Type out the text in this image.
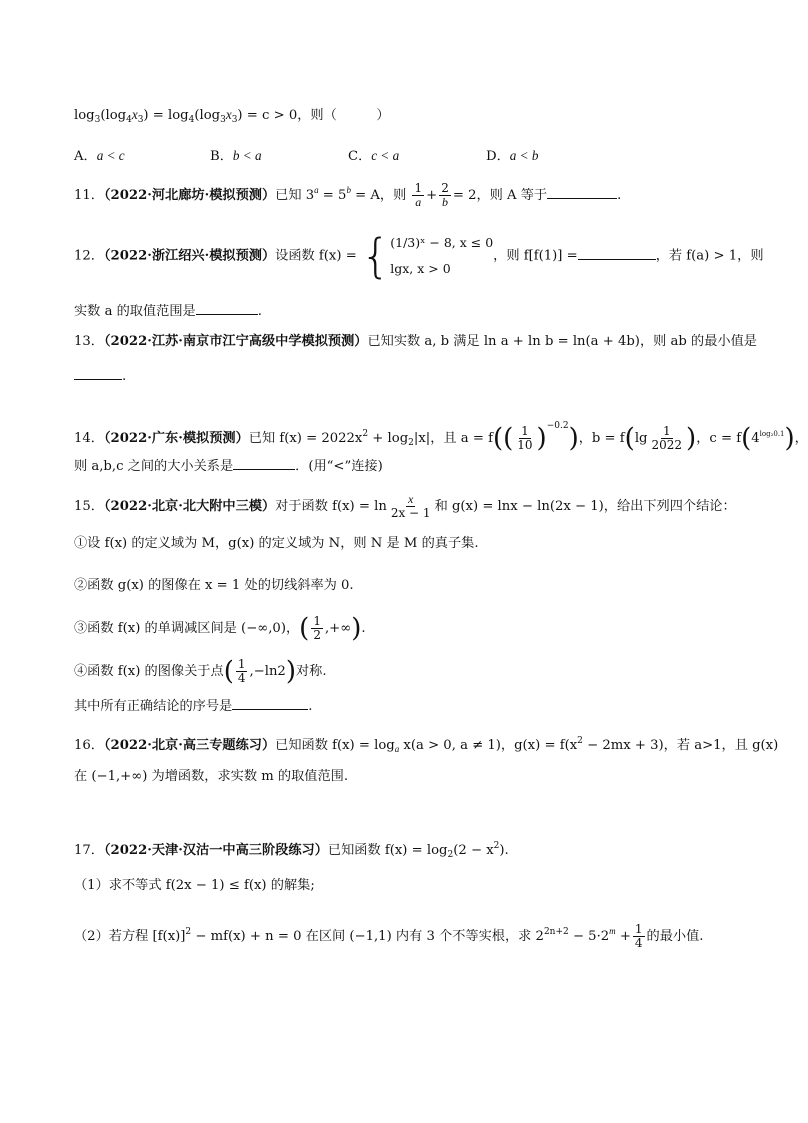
$\log_3(\log_4x_3) = \log_4(\log_3x_3) = c > 0$，则（　　　）
A．a < c	B．b < a	C．c < a	D．a < b
11．（2022·河北廊坊·模拟预测）已知 $3^a = 5^b = A$，则 $\frac{1}{a} + \frac{2}{b} = 2$，则 A 等于	.
12．（2022·浙江绍兴·模拟预测）设函数 f(x) = { (1/3)ˣ − 8, x ≤ 0
lgx, x > 0
，则 f[f(1)] =	，若 f(a) > 1，则
实数 a 的取值范围是	.
13．（2022·江苏·南京市江宁高级中学模拟预测）已知实数 a, b 满足 ln a + ln b = ln(a + 4b)，则 ab 的最小值是
.
14．（2022·广东·模拟预测）已知 $f(x) = 2022x^2 + \log_2|x|$，且 $a = f(( \frac{1}{10} )^{-0.2})$，$b = f(\lg \frac{1}{2022}$ )，$c = f(4^{log_20.1})$，
则 a,b,c 之间的大小关系是	．(用“<”连接)
15．（2022·北京·北大附中三模）对于函数 $f(x) = \ln \frac{x}{2x - 1}$ 和 g(x) = lnx − ln(2x − 1)，给出下列四个结论：
①设 f(x) 的定义域为 M，g(x) 的定义域为 N，则 N 是 M 的真子集.
②函数 g(x) 的图像在 x = 1 处的切线斜率为 0.
③函数 f(x) 的单调减区间是 (−∞,0)，( $\frac{1}{2}$ ,+∞).
④函数 f(x) 的图像关于点( $\frac{1}{4} ,-\ln 2$)对称.
其中所有正确结论的序号是	.
16．（2022·北京·高三专题练习）已知函数 $f(x) = \log_a x(a > 0$, a ≠ 1)，$g(x) = f(x^2 - 2mx + 3)$，若 a>1，且 g(x)
在 (−1,+∞) 为增函数，求实数 m 的取值范围.
17．（2022·天津·汉沽一中高三阶段练习）已知函数 $f(x) = \log_2(2 - x^2)$.
（1）求不等式 f(2x − 1) ≤ f(x) 的解集;
（2）若方程 $[f(x)]^2 - mf(x) + n = 0$ 在区间 (−1,1) 内有 3 个不等实根，求 $2^{2n+2} - 5\cdot 2^m + \frac{1}{4}$ 的最小值.
